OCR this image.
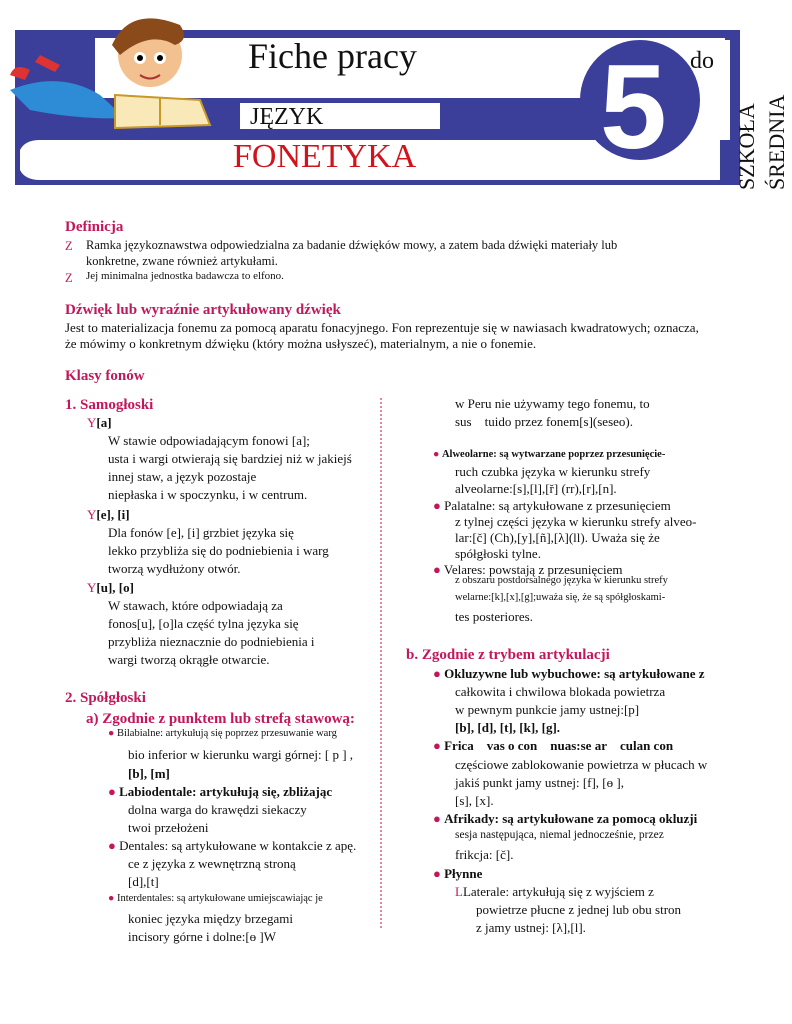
5
Fiche pracy
JĘZYK
FONETYKA
do
SZKOŁA ŚREDNIA
Definicja
Z Ramka językoznawstwa odpowiedzialna za badanie dźwięków mowy, a zatem bada dźwięki materiały lub konkretne, zwane również artykułami.
Z Jej minimalna jednostka badawcza to elfono.
Dźwięk lub wyraźnie artykułowany dźwięk
Jest to materializacja fonemu za pomocą aparatu fonacyjnego. Fon reprezentuje się w nawiasach kwadratowych; oznacza, że mówimy o konkretnym dźwięku (który można usłyszeć), materialnym, a nie o fonemie.
Klasy fonów
1. Samogłoski
Y[a]
W stawie odpowiadającym fonowi [a];
usta i wargi otwierają się bardziej niż w jakiejś
innej staw, a język pozostaje
niepłaska i w spoczynku, i w centrum.
Y[e], [i]
Dla fonów [e], [i] grzbiet języka się
lekko przybliża się do podniebienia i warg
tworzą wydłużony otwór.
Y[u], [o]
W stawach, które odpowiadają za
fonos[u], [o]la część tylna języka się
przybliża nieznacznie do podniebienia i
wargi tworzą okrągłe otwarcie.
2. Spółgłoski
a) Zgodnie z punktem lub strefą stawową:
● Bilabialne: artykułują się poprzez przesuwanie warg
bio inferior w kierunku wargi górnej: [ p ] ,
[b], [m]
● Labiodentale: artykułują się, zbliżając
dolna warga do krawędzi siekaczy
twoi przełożeni
● Dentales: są artykułowane w kontakcie z apę.
ce z języka z wewnętrzną stroną
[d],[t]
● Interdentales: są artykułowane umiejscawiając je
koniec języka między brzegami
incisory górne i dolne:[ɵ ]W
w Peru nie używamy tego fonemu, to
sus tuido przez fonem[s](seseo).
● Alweolarne: są wytwarzane poprzez przesunięcie-
ruch czubka języka w kierunku strefy
alveolarne:[s],[l],[ř] (rr),[r],[n].
● Palatalne: są artykułowane z przesunięciem
z tylnej części języka w kierunku strefy alveo-
lar:[č] (Ch),[y],[ñ],[λ](ll). Uważa się że
spółgłoski tylne.
● Velares: powstają z przesunięciem
z obszaru postdorsalnego języka w kierunku strefy
welarne:[k],[x],[g];uważa się, że są spółgłoskami-
tes posteriores.
b. Zgodnie z trybem artykulacji
● Okluzywne lub wybuchowe: są artykułowane z
całkowita i chwilowa blokada powietrza
w pewnym punkcie jamy ustnej:[p]
[b], [d], [t], [k], [g].
● Frica vas o con nuas:se ar culan con
częściowe zablokowanie powietrza w płucach w
jakiś punkt jamy ustnej: [f], [ɵ ],
[s], [x].
● Afrikady: są artykułowane za pomocą okluzji
sesja następująca, niemal jednocześnie, przez
frikcja: [č].
● Płynne
LLaterale: artykułują się z wyjściem z
powietrze płucne z jednej lub obu stron
z jamy ustnej: [λ],[l].
